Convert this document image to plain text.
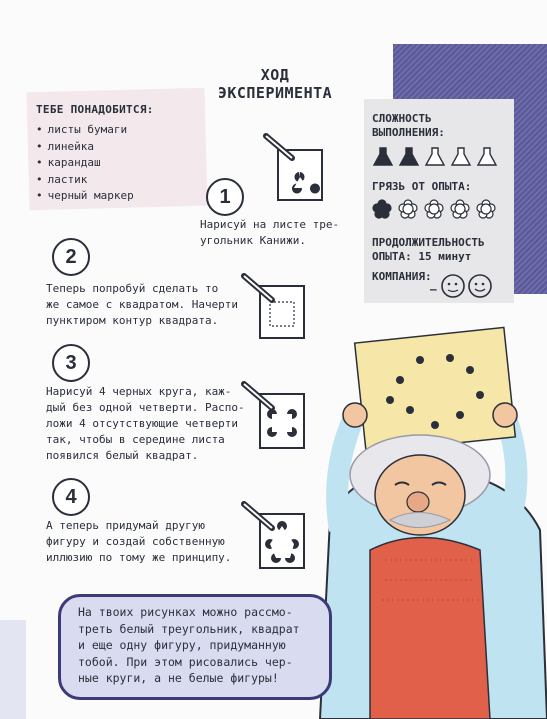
ХОД
ЭКСПЕРИМЕНТА
ТЕБЕ ПОНАДОБИТСЯ:
• листы бумаги
• линейка
• карандаш
• ластик
• черный маркер
СЛОЖНОСТЬ
ВЫПОЛНЕНИЯ:
ГРЯЗЬ ОТ ОПЫТА:
ПРОДОЛЖИТЕЛЬНОСТЬ
ОПЫТА: 15 минут
КОМПАНИЯ:
–
1
Нарисуй на листе тре-
угольник Канижи.
2
Теперь попробуй сделать то
же самое с квадратом. Начерти
пунктиром контур квадрата.
3
Нарисуй 4 черных круга, каж-
дый без одной четверти. Распо-
ложи 4 отсутствующие четверти
так, чтобы в середине листа
появился белый квадрат.
4
А теперь придумай другую
фигуру и создай собственную
иллюзию по тому же принципу.
На твоих рисунках можно рассмо-
треть белый треугольник, квадрат
и еще одну фигуру, придуманную
тобой. При этом рисовались чер-
ные круги, а не белые фигуры!
